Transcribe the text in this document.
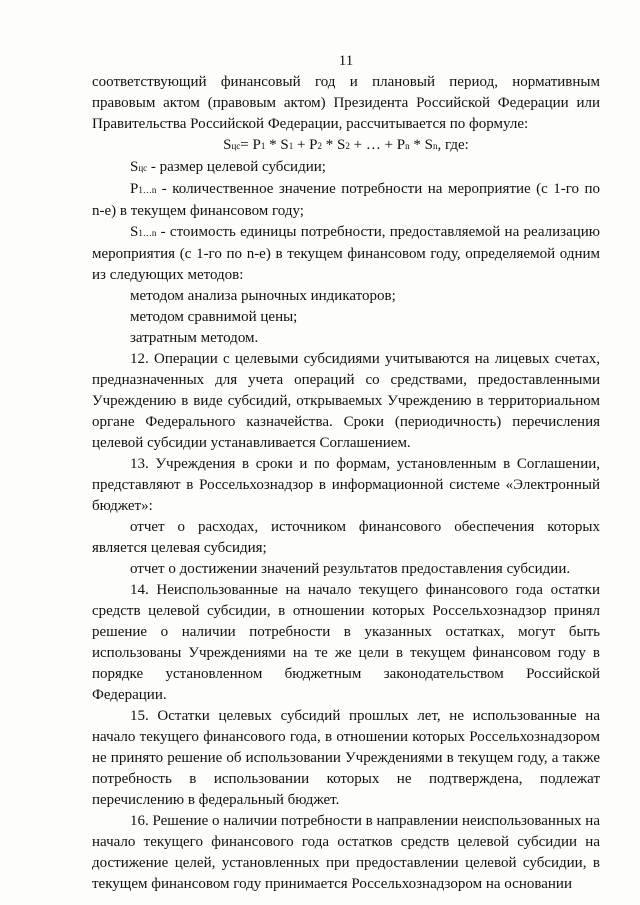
11

соответствующий финансовый год и плановый период, нормативным правовым актом (правовым актом) Президента Российской Федерации или Правительства Российской Федерации, рассчитывается по формуле:

Sцс= P1 * S1 + P2 * S2 + … + Pn * Sn, где:

Sцс - размер целевой субсидии;

P1…n - количественное значение потребности на мероприятие (с 1-го по n-е) в текущем финансовом году;

S1…n - стоимость единицы потребности, предоставляемой на реализацию мероприятия (с 1-го по n-е) в текущем финансовом году, определяемой одним из следующих методов:

методом анализа рыночных индикаторов;

методом сравнимой цены;

затратным методом.

12. Операции с целевыми субсидиями учитываются на лицевых счетах, предназначенных для учета операций со средствами, предоставленными Учреждению в виде субсидий, открываемых Учреждению в территориальном органе Федерального казначейства. Сроки (периодичность) перечисления целевой субсидии устанавливается Соглашением.

13. Учреждения в сроки и по формам, установленным в Соглашении, представляют в Россельхознадзор в информационной системе «Электронный бюджет»:

отчет о расходах, источником финансового обеспечения которых является целевая субсидия;

отчет о достижении значений результатов предоставления субсидии.

14. Неиспользованные на начало текущего финансового года остатки средств целевой субсидии, в отношении которых Россельхознадзор принял решение о наличии потребности в указанных остатках, могут быть использованы Учреждениями на те же цели в текущем финансовом году в порядке установленном бюджетным законодательством Российской Федерации.

15. Остатки целевых субсидий прошлых лет, не использованные на начало текущего финансового года, в отношении которых Россельхознадзором не принято решение об использовании Учреждениями в текущем году, а также потребность в использовании которых не подтверждена, подлежат перечислению в федеральный бюджет.

16. Решение о наличии потребности в направлении неиспользованных на начало текущего финансового года остатков средств целевой субсидии на достижение целей, установленных при предоставлении целевой субсидии, в текущем финансовом году принимается Россельхознадзором на основании
